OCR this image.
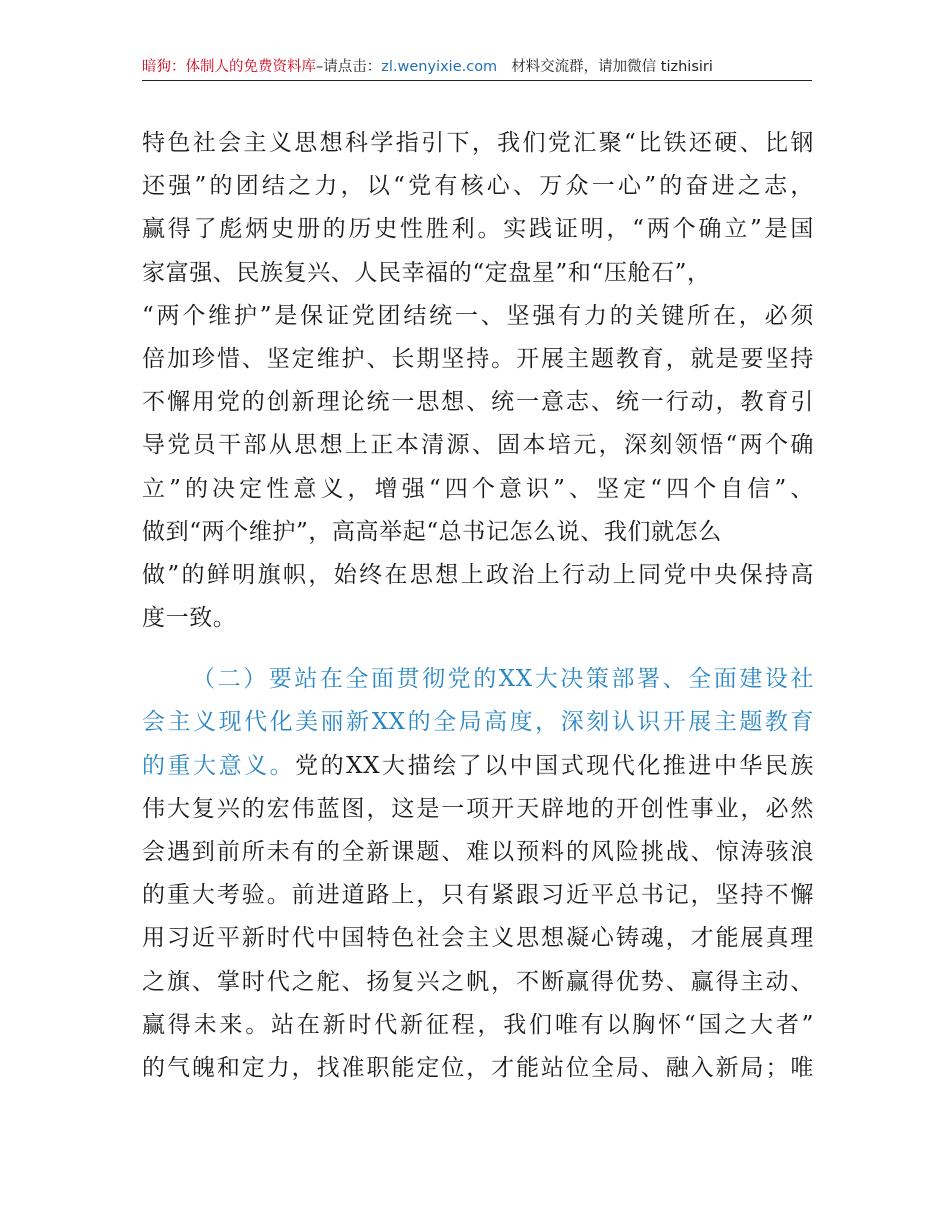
暗狗：体制人的免费资料库–请点击：zl.wenyixie.com 材料交流群，请加微信 tizhisiri
特色社会主义思想科学指引下，我们党汇聚“比铁还硬、比钢
还强”的团结之力，以“党有核心、万众一心”的奋进之志，
赢得了彪炳史册的历史性胜利。实践证明，“两个确立”是国
家富强、民族复兴、人民幸福的“定盘星”和“压舱石”，
“两个维护”是保证党团结统一、坚强有力的关键所在，必须
倍加珍惜、坚定维护、长期坚持。开展主题教育，就是要坚持
不懈用党的创新理论统一思想、统一意志、统一行动，教育引
导党员干部从思想上正本清源、固本培元，深刻领悟“两个确
立”的决定性意义，增强“四个意识”、坚定“四个自信”、
做到“两个维护”，高高举起“总书记怎么说、我们就怎么
做”的鲜明旗帜，始终在思想上政治上行动上同党中央保持高
度一致。
（二）要站在全面贯彻党的XX大决策部署、全面建设社
会主义现代化美丽新XX的全局高度，深刻认识开展主题教育
的重大意义。党的XX大描绘了以中国式现代化推进中华民族
伟大复兴的宏伟蓝图，这是一项开天辟地的开创性事业，必然
会遇到前所未有的全新课题、难以预料的风险挑战、惊涛骇浪
的重大考验。前进道路上，只有紧跟习近平总书记，坚持不懈
用习近平新时代中国特色社会主义思想凝心铸魂，才能展真理
之旗、掌时代之舵、扬复兴之帆，不断赢得优势、赢得主动、
赢得未来。站在新时代新征程，我们唯有以胸怀“国之大者”
的气魄和定力，找准职能定位，才能站位全局、融入新局；唯
